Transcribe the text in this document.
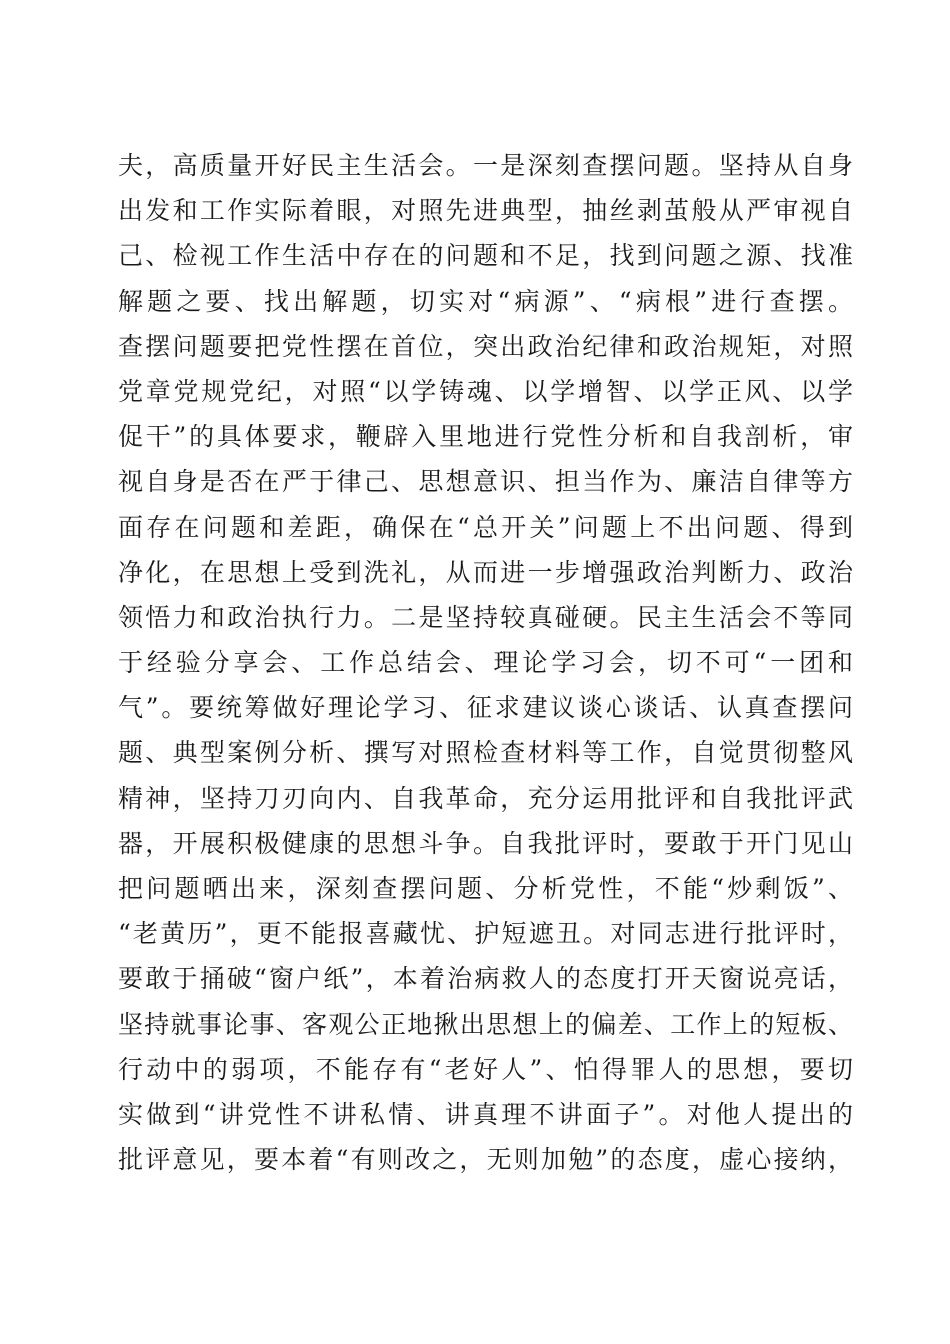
夫，高质量开好民主生活会。一是深刻查摆问题。坚持从自身
出发和工作实际着眼，对照先进典型，抽丝剥茧般从严审视自
己、检视工作生活中存在的问题和不足，找到问题之源、找准
解题之要、找出解题，切实对“病源”、“病根”进行查摆。
查摆问题要把党性摆在首位，突出政治纪律和政治规矩，对照
党章党规党纪，对照“以学铸魂、以学增智、以学正风、以学
促干”的具体要求，鞭辟入里地进行党性分析和自我剖析，审
视自身是否在严于律己、思想意识、担当作为、廉洁自律等方
面存在问题和差距，确保在“总开关”问题上不出问题、得到
净化，在思想上受到洗礼，从而进一步增强政治判断力、政治
领悟力和政治执行力。二是坚持较真碰硬。民主生活会不等同
于经验分享会、工作总结会、理论学习会，切不可“一团和
气”。要统筹做好理论学习、征求建议谈心谈话、认真查摆问
题、典型案例分析、撰写对照检查材料等工作，自觉贯彻整风
精神，坚持刀刃向内、自我革命，充分运用批评和自我批评武
器，开展积极健康的思想斗争。自我批评时，要敢于开门见山
把问题晒出来，深刻查摆问题、分析党性，不能“炒剩饭”、
“老黄历”，更不能报喜藏忧、护短遮丑。对同志进行批评时，
要敢于捅破“窗户纸”，本着治病救人的态度打开天窗说亮话，
坚持就事论事、客观公正地揪出思想上的偏差、工作上的短板、
行动中的弱项，不能存有“老好人”、怕得罪人的思想，要切
实做到“讲党性不讲私情、讲真理不讲面子”。对他人提出的
批评意见，要本着“有则改之，无则加勉”的态度，虚心接纳，
